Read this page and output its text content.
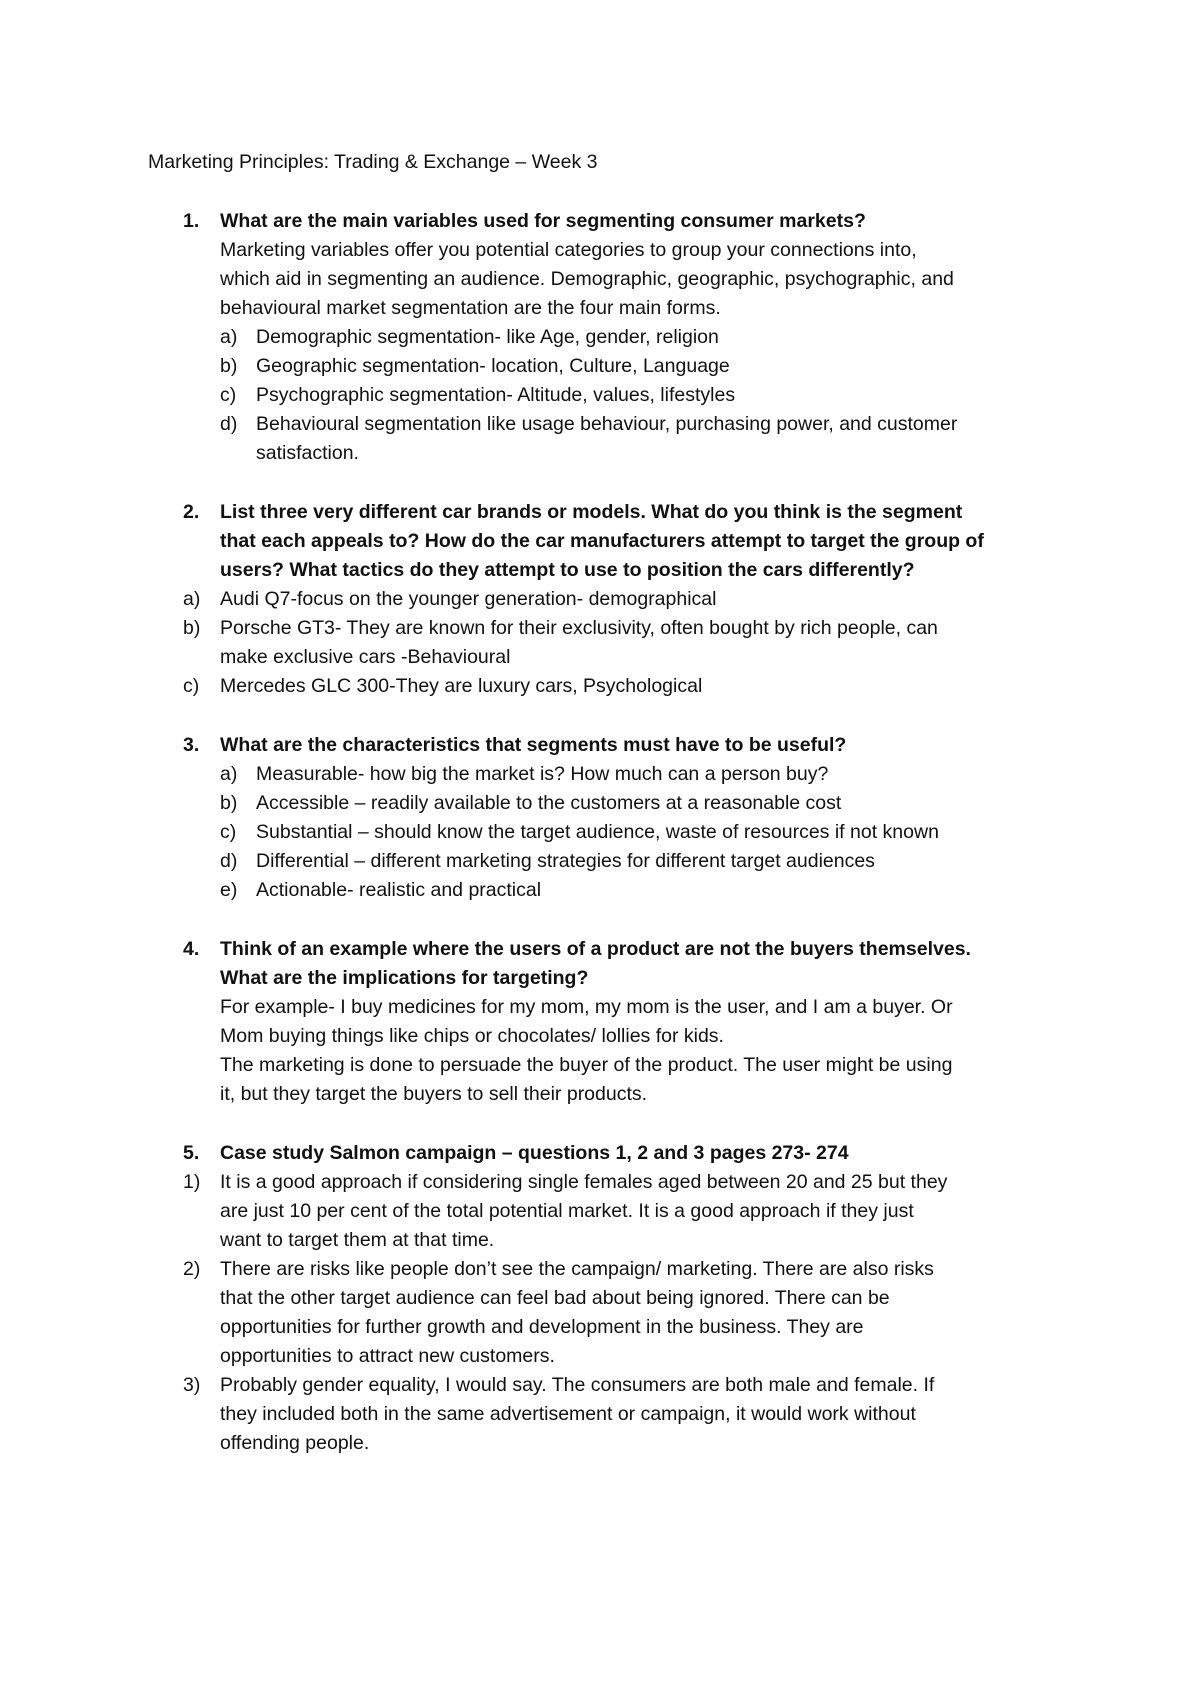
Marketing Principles: Trading & Exchange – Week 3
1. What are the main variables used for segmenting consumer markets?
Marketing variables offer you potential categories to group your connections into,
which aid in segmenting an audience. Demographic, geographic, psychographic, and
behavioural market segmentation are the four main forms.
a) Demographic segmentation- like Age, gender, religion
b) Geographic segmentation- location, Culture, Language
c) Psychographic segmentation- Altitude, values, lifestyles
d) Behavioural segmentation like usage behaviour, purchasing power, and customer
satisfaction.
2. List three very different car brands or models. What do you think is the segment
that each appeals to? How do the car manufacturers attempt to target the group of
users? What tactics do they attempt to use to position the cars differently?
a) Audi Q7-focus on the younger generation- demographical
b) Porsche GT3- They are known for their exclusivity, often bought by rich people, can
make exclusive cars -Behavioural
c) Mercedes GLC 300-They are luxury cars, Psychological
3. What are the characteristics that segments must have to be useful?
a) Measurable- how big the market is? How much can a person buy?
b) Accessible – readily available to the customers at a reasonable cost
c) Substantial – should know the target audience, waste of resources if not known
d) Differential – different marketing strategies for different target audiences
e) Actionable- realistic and practical
4. Think of an example where the users of a product are not the buyers themselves.
What are the implications for targeting?
For example- I buy medicines for my mom, my mom is the user, and I am a buyer. Or
Mom buying things like chips or chocolates/ lollies for kids.
The marketing is done to persuade the buyer of the product. The user might be using
it, but they target the buyers to sell their products.
5. Case study Salmon campaign – questions 1, 2 and 3 pages 273- 274
1) It is a good approach if considering single females aged between 20 and 25 but they
are just 10 per cent of the total potential market. It is a good approach if they just
want to target them at that time.
2) There are risks like people don’t see the campaign/ marketing. There are also risks
that the other target audience can feel bad about being ignored. There can be
opportunities for further growth and development in the business. They are
opportunities to attract new customers.
3) Probably gender equality, I would say. The consumers are both male and female. If
they included both in the same advertisement or campaign, it would work without
offending people.
